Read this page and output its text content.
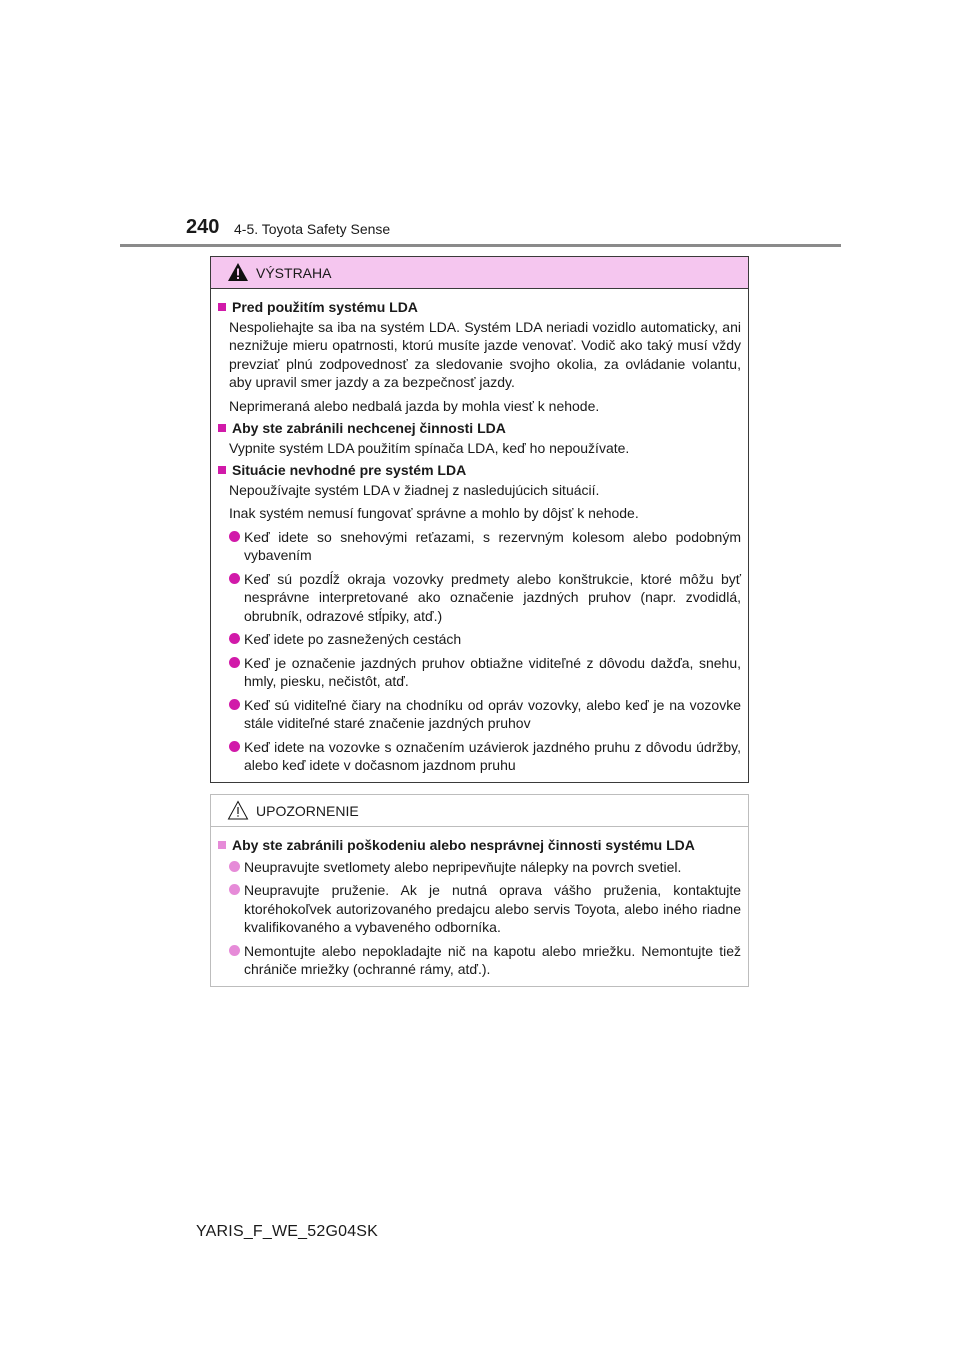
240 4-5. Toyota Safety Sense
VÝSTRAHA
Pred použitím systému LDA
Nespoliehajte sa iba na systém LDA. Systém LDA neriadi vozidlo automaticky, ani neznižuje mieru opatrnosti, ktorú musíte jazde venovať. Vodič ako taký musí vždy prevziať plnú zodpovednosť za sledovanie svojho okolia, za ovládanie volantu, aby upravil smer jazdy a za bezpečnosť jazdy.
Neprimeraná alebo nedbalá jazda by mohla viesť k nehode.
Aby ste zabránili nechcenej činnosti LDA
Vypnite systém LDA použitím spínača LDA, keď ho nepoužívate.
Situácie nevhodné pre systém LDA
Nepoužívajte systém LDA v žiadnej z nasledujúcich situácií.
Inak systém nemusí fungovať správne a mohlo by dôjsť k nehode.
Keď idete so snehovými reťazami, s rezervným kolesom alebo podobným vybavením
Keď sú pozdĺž okraja vozovky predmety alebo konštrukcie, ktoré môžu byť nesprávne interpretované ako označenie jazdných pruhov (napr. zvodidlá, obrubník, odrazové stĺpiky, atď.)
Keď idete po zasnežených cestách
Keď je označenie jazdných pruhov obtiažne viditeľné z dôvodu dažďa, snehu, hmly, piesku, nečistôt, atď.
Keď sú viditeľné čiary na chodníku od opráv vozovky, alebo keď je na vozovke stále viditeľné staré značenie jazdných pruhov
Keď idete na vozovke s označením uzávierok jazdného pruhu z dôvodu údržby, alebo keď idete v dočasnom jazdnom pruhu
UPOZORNENIE
Aby ste zabránili poškodeniu alebo nesprávnej činnosti systému LDA
Neupravujte svetlomety alebo nepripevňujte nálepky na povrch svetiel.
Neupravujte pruženie. Ak je nutná oprava vášho pruženia, kontaktujte ktoréhokoľvek autorizovaného predajcu alebo servis Toyota, alebo iného riadne kvalifikovaného a vybaveného odborníka.
Nemontujte alebo nepokladajte nič na kapotu alebo mriežku. Nemontujte tiež chrániče mriežky (ochranné rámy, atď.).
YARIS_F_WE_52G04SK
